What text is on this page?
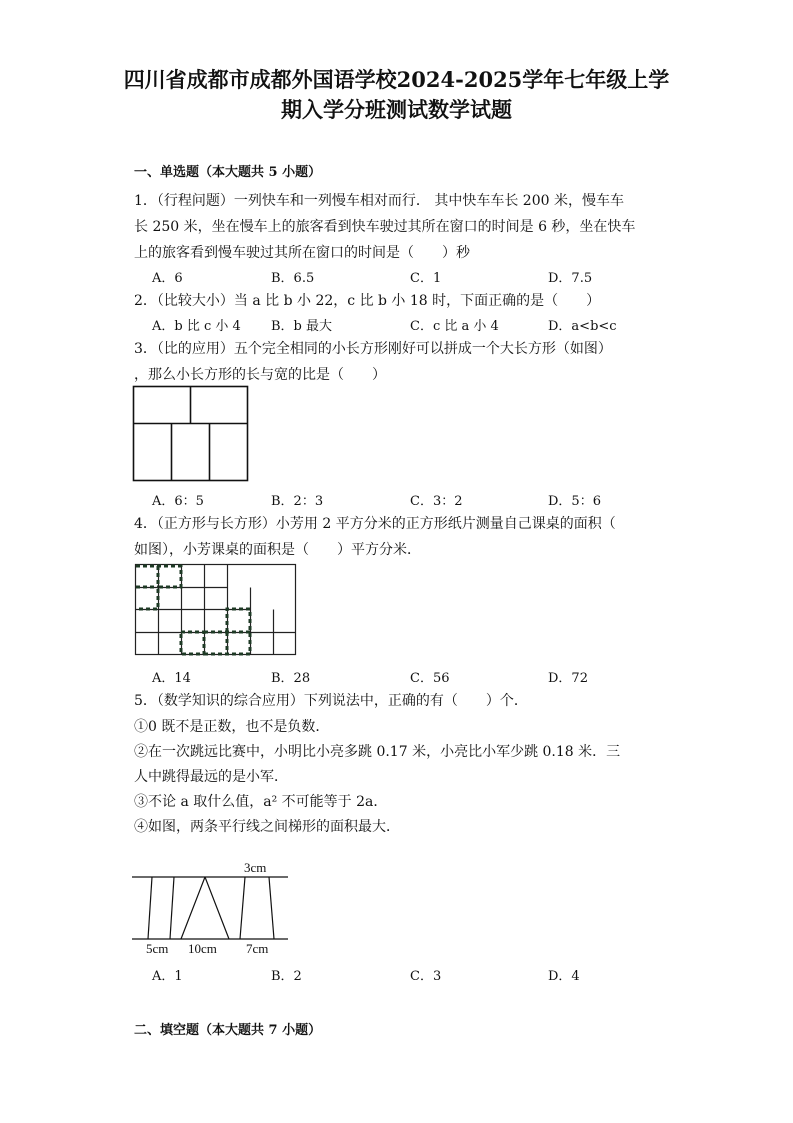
四川省成都市成都外国语学校2024-2025学年七年级上学
期入学分班测试数学试题
一、单选题（本大题共 5 小题）
1．（行程问题）一列快车和一列慢车相对而行． 其中快车车长 200 米，慢车车
长 250 米，坐在慢车上的旅客看到快车驶过其所在窗口的时间是 6 秒，坐在快车
上的旅客看到慢车驶过其所在窗口的时间是（　　）秒
A．6	B．6.5	C．1	D．7.5
2．（比较大小）当 a 比 b 小 22，c 比 b 小 18 时，下面正确的是（　　）
A．b 比 c 小 4 B．b 最大	C．c 比 a 小 4	D．a<b<c
3．（比的应用）五个完全相同的小长方形刚好可以拼成一个大长方形（如图）
，那么小长方形的长与宽的比是（　　）
A．6：5	B．2：3	C．3：2	D．5：6
4．（正方形与长方形）小芳用 2 平方分米的正方形纸片测量自己课桌的面积（
如图），小芳课桌的面积是（　　）平方分米．
A．14	B．28	C．56	D．72
5．（数学知识的综合应用）下列说法中，正确的有（　　）个．
①0 既不是正数，也不是负数．
②在一次跳远比赛中，小明比小亮多跳 0.17 米，小亮比小军少跳 0.18 米．三
人中跳得最远的是小军．
③不论 a 取什么值，a² 不可能等于 2a．
④如图，两条平行线之间梯形的面积最大．
3cm
5cm 10cm 7cm
A．1	B．2	C．3	D．4
二、填空题（本大题共 7 小题）
